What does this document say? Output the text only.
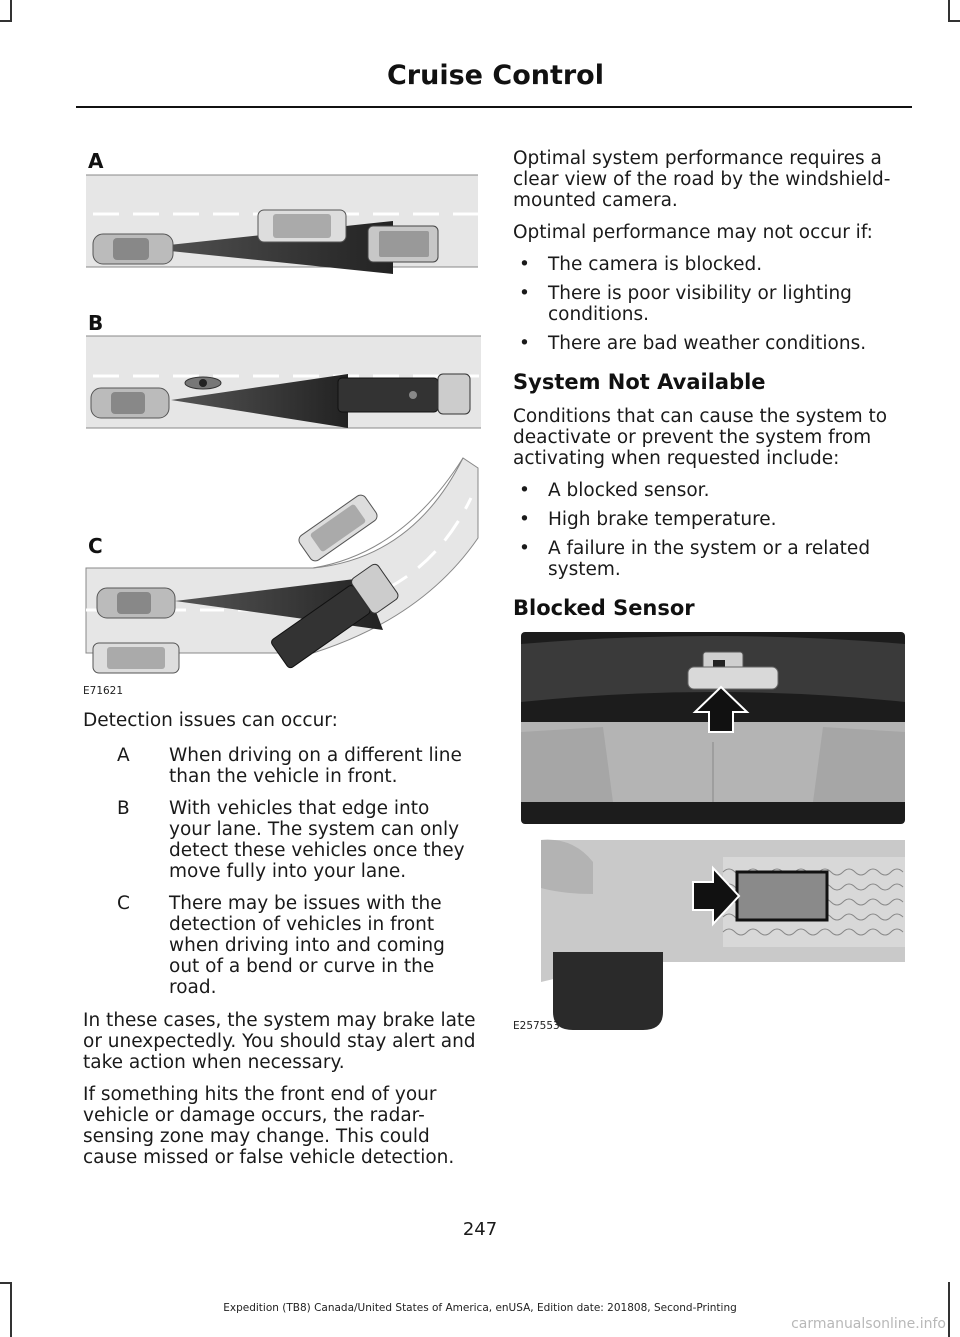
Cruise Control
A
B
C
E71621

Detection issues can occur:

A	When driving on a different line than the vehicle in front.
B	With vehicles that edge into your lane. The system can only detect these vehicles once they move fully into your lane.
C	There may be issues with the detection of vehicles in front when driving into and coming out of a bend or curve in the road.

In these cases, the system may brake late or unexpectedly. You should stay alert and take action when necessary.

If something hits the front end of your vehicle or damage occurs, the radar-sensing zone may change. This could cause missed or false vehicle detection.

Optimal system performance requires a clear view of the road by the windshield-mounted camera.

Optimal performance may not occur if:

• The camera is blocked.
• There is poor visibility or lighting conditions.
• There are bad weather conditions.
System Not Available

Conditions that can cause the system to deactivate or prevent the system from activating when requested include:

• A blocked sensor.
• High brake temperature.
• A failure in the system or a related system.
Blocked Sensor
E257553
247
Expedition (TB8) Canada/United States of America, enUSA, Edition date: 201808, Second-Printing
carmanualsonline.info
